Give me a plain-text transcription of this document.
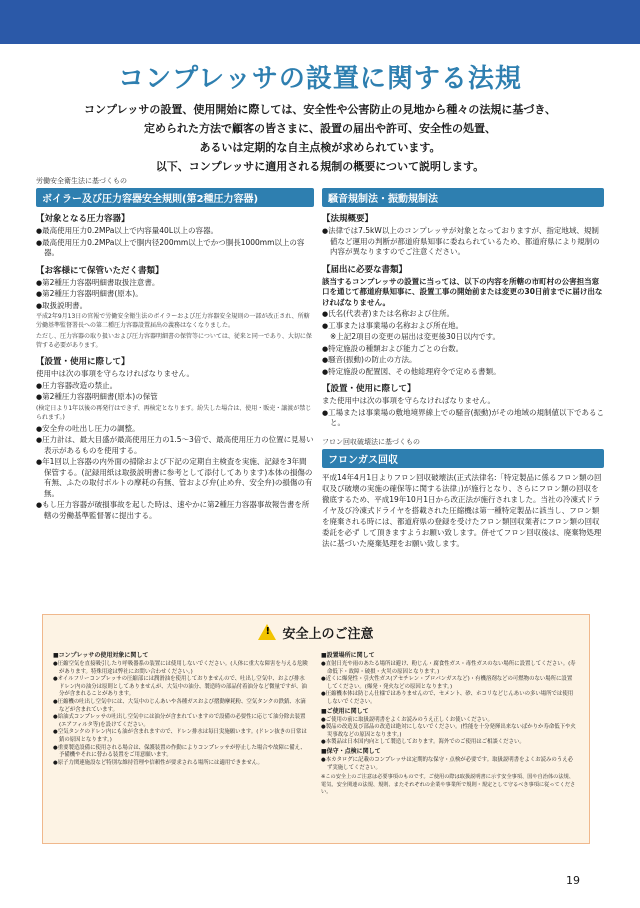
コンプレッサの設置に関する法規
コンプレッサの設置、使用開始に際しては、安全性や公害防止の見地から種々の法規に基づき、
定められた方法で顧客の皆さまに、設置の届出や許可、安全性の処置、
あるいは定期的な自主点検が求められています。
以下、コンプレッサに適用される規制の概要について説明します。

労働安全衛生法に基づくもの

ボイラー及び圧力容器安全規則(第2種圧力容器)
【対象となる圧力容器】

● 最高使用圧力0.2MPa以上で内容量40L以上の容器。

● 最高使用圧力0.2MPa以上で胴内径200mm以上でかつ胴長1000mm以上の容器。

【お客様にて保管いただく書類】

● 第2種圧力容器明細書取扱注意書。

● 第2種圧力容器明細書(原本)。

● 取扱説明書。

平成2年9月13日の官報で労働安全衛生法のボイラーおよび圧力容器安全規則の一部が改正され、所轄労働基準監督署長への第二種圧力容器設置届出の義務はなくなりました。

ただし、圧力容器の取り扱いおよび圧力容器明細書の保管等については、従来と同一であり、大切に保管する必要があります。

【設置・使用に際して】

使用中は次の事項を守らなければなりません。

● 圧力容器改造の禁止。

● 第2種圧力容器明細書(原本)の保管

(検定日より1年以後の再発行はできず、再検定となります。紛失した場合は、使用・販売・譲渡が禁じられます。)

● 安全弁の吐出し圧力の調整。

● 圧力計は、最大目盛が最高使用圧力の1.5～3倍で、最高使用圧力の位置に見易い表示があるものを使用する。

● 年1回以上容器の内外面の掃除および下記の定期自主検査を実施、記録を3年間保管する。(記録用紙は取扱説明書に参考として添付してあります)本体の損傷の有無、ふたの取付ボルトの摩耗の有無、管および弁(止め弁、安全弁)の損傷の有無。

● もし圧力容器が破損事故を起した時は、速やかに第2種圧力容器事故報告書を所轄の労働基準監督署に提出する。

騒音規制法・振動規制法
【法規概要】

● 法律では7.5kW以上のコンプレッサが対象となっておりますが、指定地域、規制値など運用の判断が都道府県知事に委ねられているため、都道府県により規制の内容が異なりますのでご注意ください。

【届出に必要な書類】

該当するコンプレッサの設置に当っては、以下の内容を所轄の市町村の公害担当窓口を通じて都道府県知事に、設置工事の開始前または変更の30日前までに届け出なければなりません。

● 氏名(代表者)または名称および住所。

● 工事または事業場の名称および所在地。

※上記2項目の変更の届出は変更後30日以内です。

● 特定施設の種類および能力ごとの台数。

● 騒音(振動)の防止の方法。

● 特定施設の配置図、その他総理府令で定める書類。

【設置・使用に際して】

また使用中は次の事項を守らなければなりません。

● 工場または事業場の敷地境界線上での騒音(振動)がその地域の規制値以下であること。

フロン回収破壊法に基づくもの

フロンガス回収

平成14年4月1日よりフロン回収破壊法(正式法律名:「特定製品に係るフロン類の回収及び破壊の実施の確保等に関する法律」)が施行となり、さらにフロン類の回収を徹底するため、平成19年10月1日から改正法が施行されました。当社の冷凍式ドライヤ及び冷凍式ドライヤを搭載された圧縮機は第一種特定製品に該当し、フロン類を廃棄される時には、都道府県の登録を受けたフロン類回収業者にフロン類の回収委託を必ず して頂きますようお願い致します。併せてフロン回収後は、廃棄物処理法に基づいた廃棄処理をお願い致します。

!安全上のご注意

■ コンプレッサの使用対象に関して

● 圧縮空気を直接吸引したり呼吸器系の装置には使用しないでください。(人体に重大な障害を与える危険があります。特殊用途は弊社にお問い合わせください。)

● オイルフリーコンプレッサの圧縮部には潤滑油を使用しておりませんので、吐出し空気中、および排水ドレン内の油分は原則としてありませんが、大気中の油分、製造時の部品付着油分など微量ですが、油分が含まれることがあります。

● 圧縮機の吐出し空気中には、大気中のじんあいや各種ガスおよび摺動摩耗粉、空気タンクの鉄錆、水滴などが含まれています。

● 給油式コンプレッサの吐出し空気中には油分が含まれていますので設備の必要性に応じて油分除去装置(エアフィルタ等)を設けてください。

● 空気タンクのドレン内にも油が含まれますので、ドレン排水は毎日実施願います。(ドレン抜きの日常は錆の原因となります。)

● 重要製造設備に使用される場合は、保護装置の作動によりコンプレッサが停止した場合や故障に備え、予備機やそれに替わる装置をご用意願います。

● 原子力関連施設など特別な維持管理や信頼性が要求される場所には適用できません。

■ 設置場所に関して

● 直射日光や雨のあたる場所は避け、粉じん・腐食性ガス・毒性ガスのない場所に設置してください。(寿命低下・故障・破損・火災の原因となります。)

● 近くに爆発性・引火性ガス(アセチレン・プロパンガスなど)・有機溶剤などの可燃物のない場所に設置してください。(爆発・発火などの原因となります。)

● 圧縮機本体は防じん仕様ではありませんので、セメント、砂、ホコリなどじんあいの多い場所では使用しないでください。

■ ご使用に関して

● ご使用の前に取扱説明書をよくお読みのうえ正しくお使いください。

● 製品の改造及び部品の改造は絶対にしないでください。(性能を十分発揮出来ないばかりか寿命低下や火災事故などの原因となります。)

● 本製品は日本国内向として製造しております。海外でのご使用はご相談ください。

■ 保守・点検に関して

● 本カタログに記載のコンプレッサは定期的な保守・点検が必要です。取扱説明書をよくお読みのうえ必ず実施してください。

※この安全上のご注意は必要事項のものです。ご使用の際は取扱説明書に示す安全事項、国や自治体の法規、電気、安全関連の法規、規則、またそれぞれの企業や事業所で規則・規定として守るべき事項に従ってください。

19
